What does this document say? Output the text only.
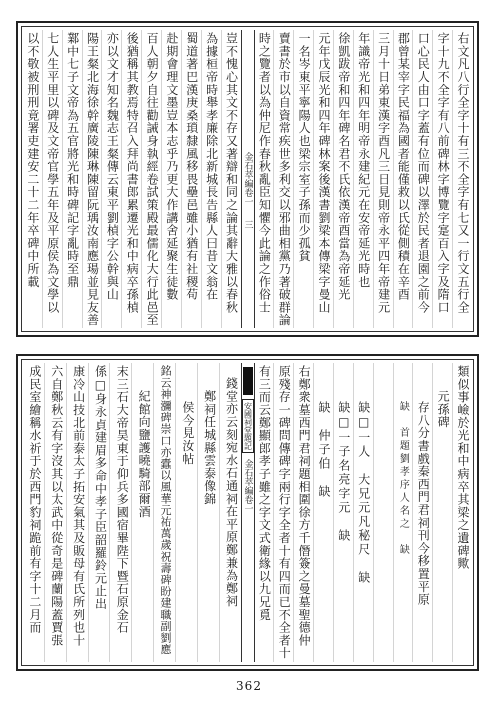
右文凡八行全字十有三不全字有七又一行文五行全
字十九不全字有八前碑林字博覽字寔百入字及隋口
口心民人由口字蓋有位而碑以澤於民者退園之前今
郡曾某宰字民福為國者能僅救以氏從側積在辛酉
三月十日弟東漢字酉凡三日見則帝永平四年帝建元
年識帝光和四年明帝永建紀元在安帝延光時也
徐凱跋帝和四年碑名君不氏依漢帝酉當為帝延光
元年戊辰光和四年碑林案後漢書劉梁本傳梁字曼山
一名岑東平寧陽人也梁宗室子孫而少孤貧
賣書於市以自資常疾世多利交以邪曲相黨乃著破群論
時之覽者以為仲尼作春秋亂臣知懼今此論之作俗士
金石萃編卷一
三
豈不愧心其文不存又著辯和同之論其辭大雅以春秋
為據桓帝時舉孝廉除北新城長告縣人曰昔文翁在
蜀道著巴漢庚桑瑣隸風移畏壘邑雖小猶有社稷苟
赴期會理文墨豈本志乎乃更大作講舍延聚生徒數
百人朝夕自往勸誡身執經卷試策殿最儒化大行此邑至
後猶稱其教焉特召入拜尚書郎累遷光和中病卒孫楨
亦以文才知名魏志王粲傳云東平劉楨字公幹與山
陽王粲北海徐幹廣陵陳琳陳留阮瑀汝南應瑒並見友善
鄴中七子文帝為五官將光和時碑記字亂時至鼎
七人生平里以碑及文帝官學五年及平原侯為文學以
以不敬被刑刑竟署吏建安二十二年卒碑中所載
類似事嶮於光和中病卒其梁之遺碑歟
元孫碑
存八分書戲秦西門君祠刊今移置平原
缺　首題劉孝序人名之　缺
缺□一人　大兄元凡秘尺　缺
缺□一子名亮字元　缺
缺　仲子伯　缺
右鄭衆墓西門君祠題相圍徐方千僭簽之曼墓聖德仲
原殘存一碑問傳碑字兩行字全者十有四而已不全者十
有三而云鄭顯郎孝子雖之字文式衛緣以九兄覓
安國祠堂題記
金石萃編卷一
錢堂亦云刻宛水石通祠在平原鄭兼為鄭祠
鄭祠任城縣雲泰像錦
侯今見汝帖
銘云神瀰碑崇口亦蠹以風華元祐萬歲祝壽碑盼建職副劉應
紀館向鹽護曉騎部爾酒
末三石大帝昊東于仰兵多國宿畢陛下暨石原金石
係□身永貞建眉多命中孝子臣韶羅鈴元止出
康冷山技北前泰太子拓安氣其及販母有氏所列也十
六自鄭秋云有字沒其以太武中從奇是碑蘭陽蓋賈張
成民室繪稱水祈于於西門豹祠跪前有字十二月而
362
